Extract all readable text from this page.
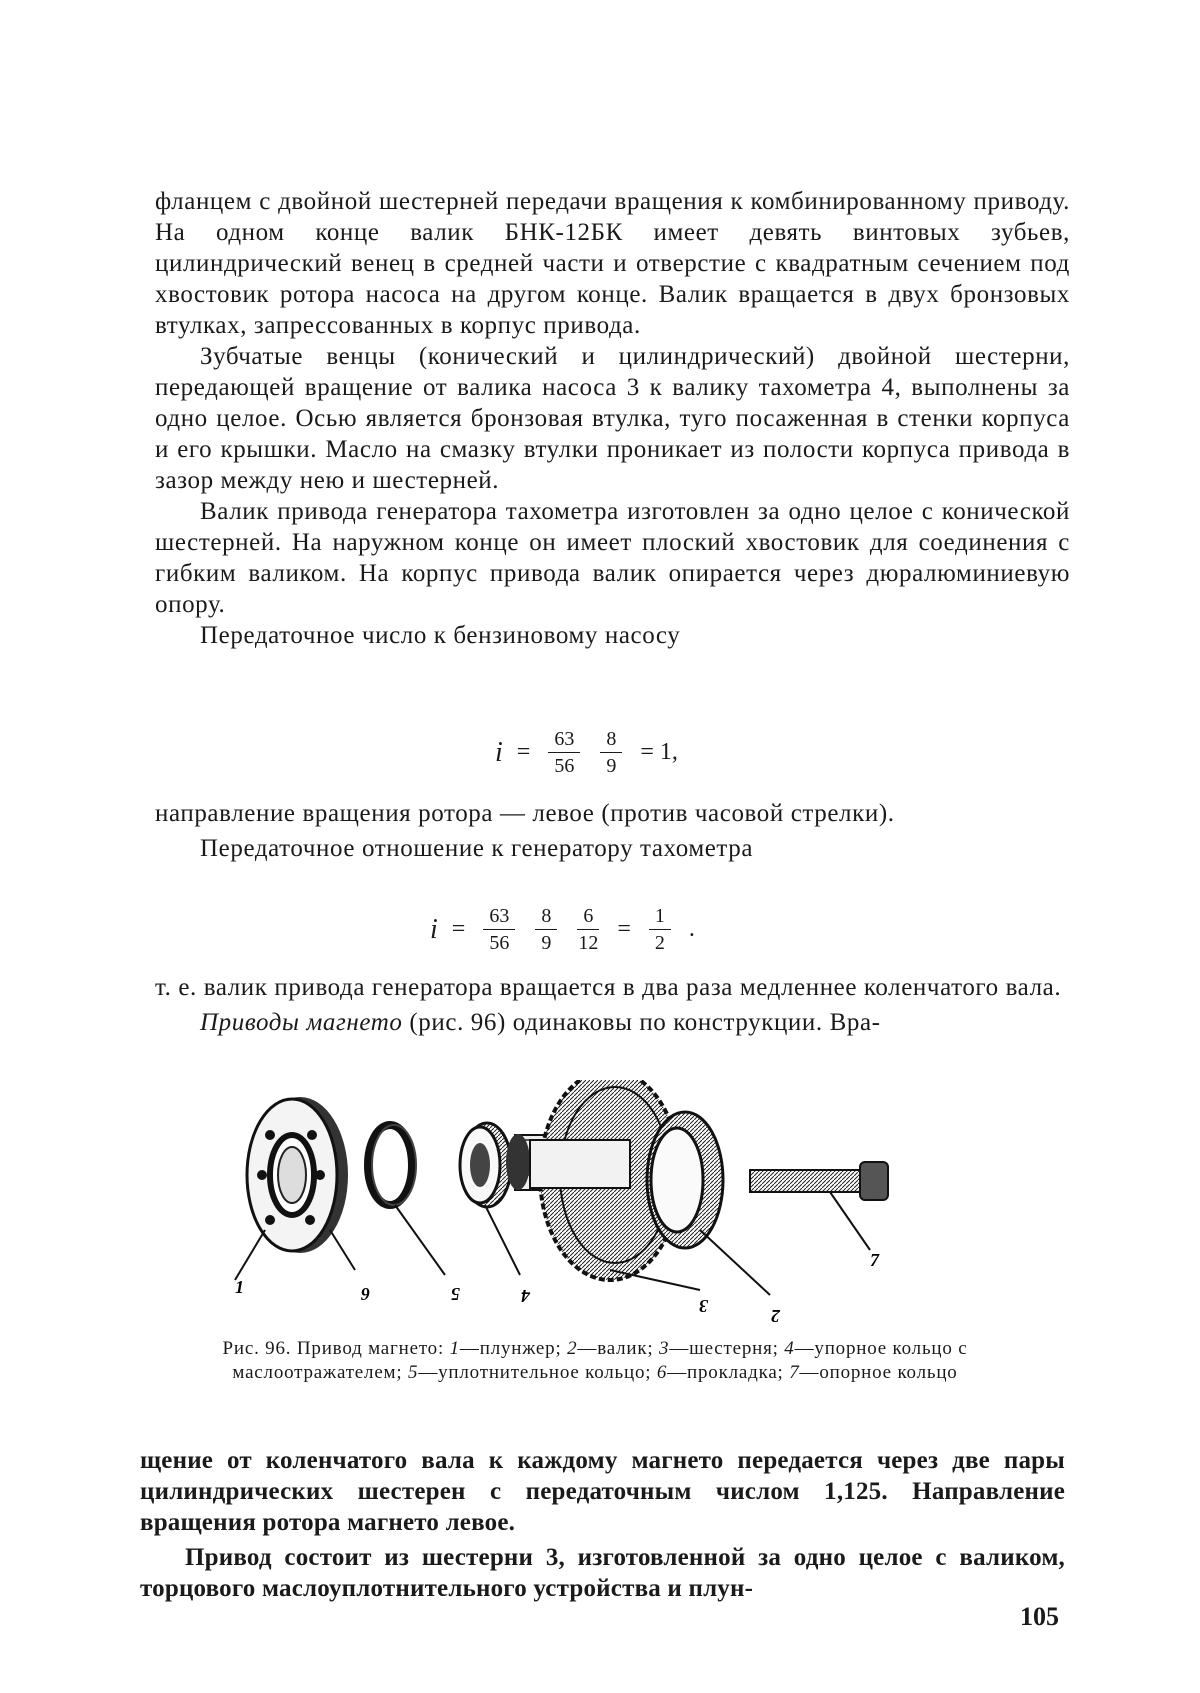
фланцем с двойной шестерней передачи вращения к комбинированному приводу. На одном конце валик БНК-12БК имеет девять винтовых зубьев, цилиндрический венец в средней части и отверстие с квадратным сечением под хвостовик ротора насоса на другом конце. Валик вращается в двух бронзовых втулках, запрессованных в корпус привода.

Зубчатые венцы (конический и цилиндрический) двойной шестерни, передающей вращение от валика насоса 3 к валику тахометра 4, выполнены за одно целое. Осью является бронзовая втулка, туго посаженная в стенки корпуса и его крышки. Масло на смазку втулки проникает из полости корпуса привода в зазор между нею и шестерней.

Валик привода генератора тахометра изготовлен за одно целое с конической шестерней. На наружном конце он имеет плоский хвостовик для соединения с гибким валиком. На корпус привода валик опирается через дюралюминиевую опору.

Передаточное число к бензиновому насосу

$i = \frac{63}{56} \frac{8}{9} = 1$,

направление вращения ротора — левое (против часовой стрелки).

Передаточное отношение к генератору тахометра

$i = \frac{63}{56} \frac{8}{9} \frac{6}{12} = \frac{1}{2}$ .

т. е. валик привода генератора вращается в два раза медленнее коленчатого вала.

Приводы магнето (рис. 96) одинаковы по конструкции. Вра-

1	6	5	4	3	2
7
Рис. 96. Привод магнето: 1—плунжер; 2—валик; 3—шестерня; 4—упорное кольцо с маслоотражателем; 5—уплотнительное кольцо; 6—прокладка; 7—опорное кольцо

щение от коленчатого вала к каждому магнето передается через две пары цилиндрических шестерен с передаточным числом 1,125. Направление вращения ротора магнето левое.

Привод состоит из шестерни 3, изготовленной за одно целое с валиком, торцового маслоуплотнительного устройства и плун-

105
